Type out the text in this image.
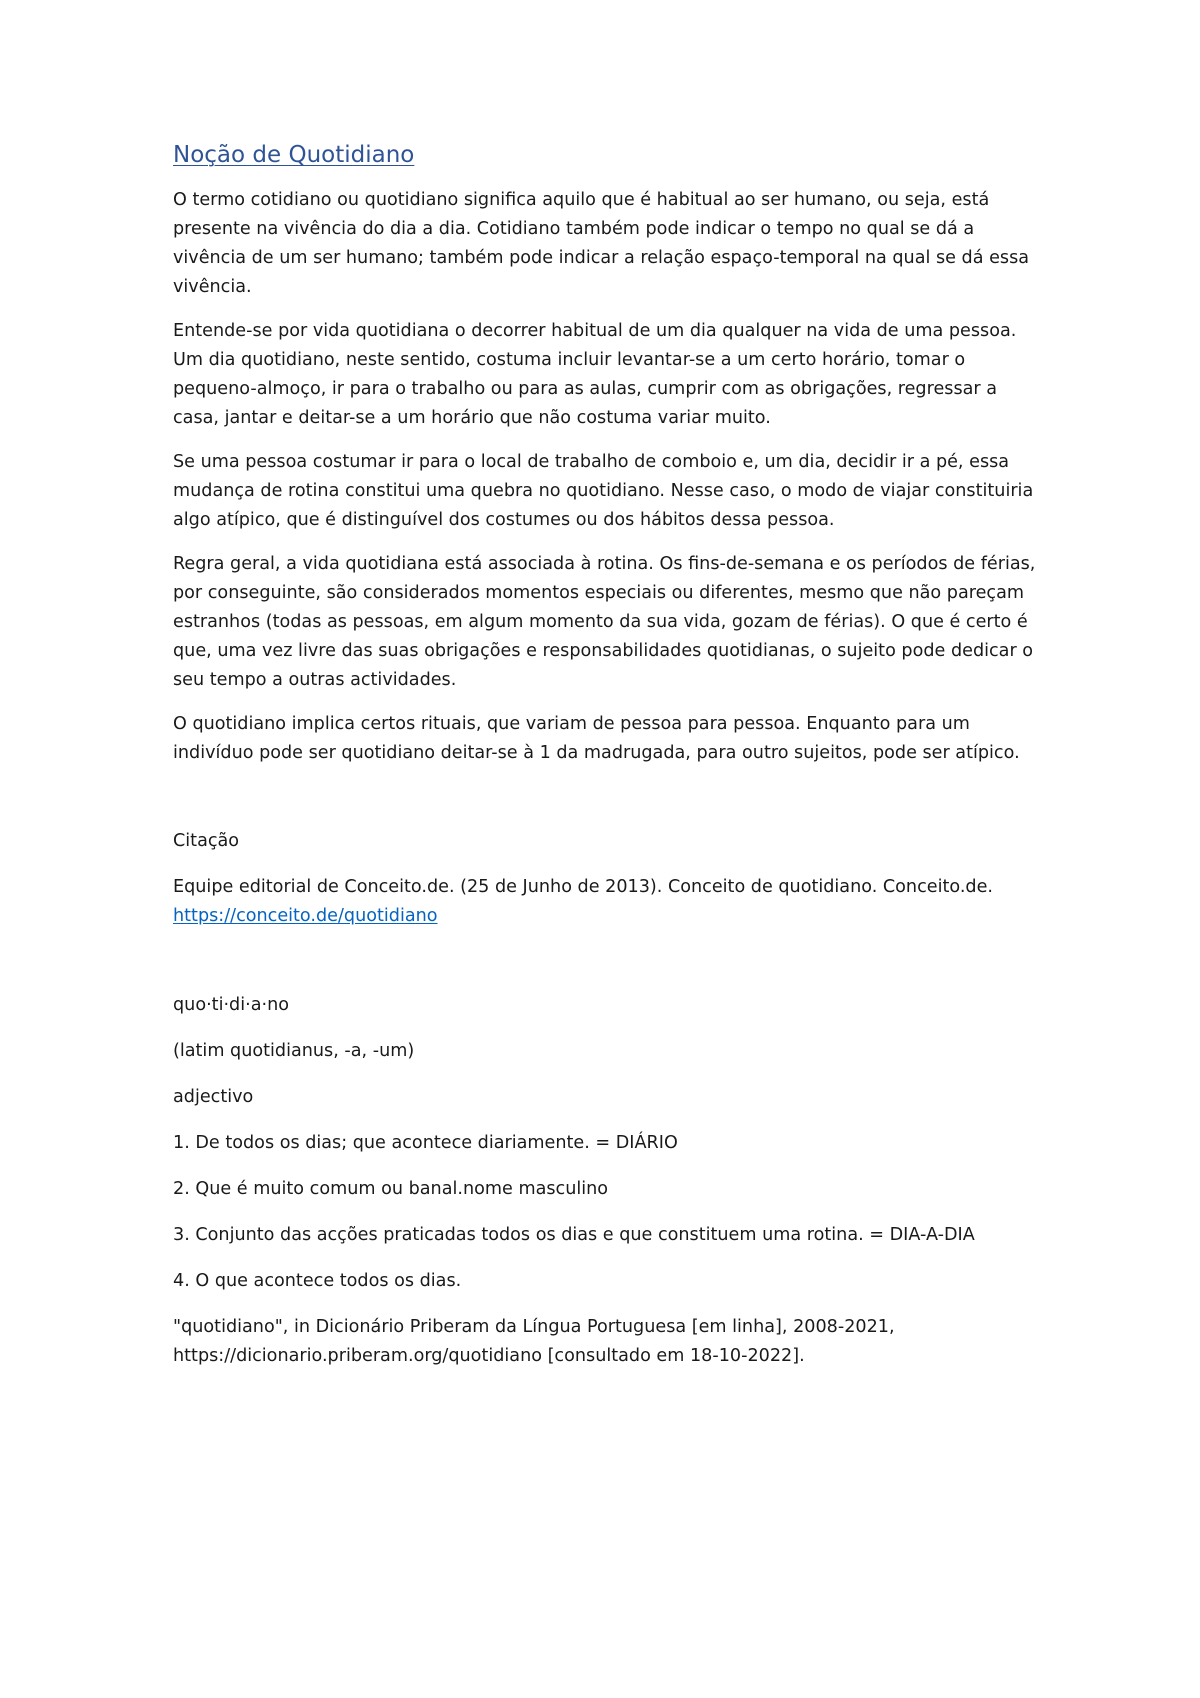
Noção de Quotidiano

O termo cotidiano ou quotidiano significa aquilo que é habitual ao ser humano, ou seja, está presente na vivência do dia a dia. Cotidiano também pode indicar o tempo no qual se dá a vivência de um ser humano; também pode indicar a relação espaço-temporal na qual se dá essa vivência.

Entende-se por vida quotidiana o decorrer habitual de um dia qualquer na vida de uma pessoa. Um dia quotidiano, neste sentido, costuma incluir levantar-se a um certo horário, tomar o pequeno-almoço, ir para o trabalho ou para as aulas, cumprir com as obrigações, regressar a casa, jantar e deitar-se a um horário que não costuma variar muito.

Se uma pessoa costumar ir para o local de trabalho de comboio e, um dia, decidir ir a pé, essa mudança de rotina constitui uma quebra no quotidiano. Nesse caso, o modo de viajar constituiria algo atípico, que é distinguível dos costumes ou dos hábitos dessa pessoa.

Regra geral, a vida quotidiana está associada à rotina. Os fins-de-semana e os períodos de férias, por conseguinte, são considerados momentos especiais ou diferentes, mesmo que não pareçam estranhos (todas as pessoas, em algum momento da sua vida, gozam de férias). O que é certo é que, uma vez livre das suas obrigações e responsabilidades quotidianas, o sujeito pode dedicar o seu tempo a outras actividades.

O quotidiano implica certos rituais, que variam de pessoa para pessoa. Enquanto para um indivíduo pode ser quotidiano deitar-se à 1 da madrugada, para outro sujeitos, pode ser atípico.

Citação

Equipe editorial de Conceito.de. (25 de Junho de 2013). Conceito de quotidiano. Conceito.de.
https://conceito.de/quotidiano

quo·ti·di·a·no

(latim quotidianus, -a, -um)

adjectivo

1. De todos os dias; que acontece diariamente. = DIÁRIO

2. Que é muito comum ou banal.nome masculino

3. Conjunto das acções praticadas todos os dias e que constituem uma rotina. = DIA-A-DIA

4. O que acontece todos os dias.

"quotidiano", in Dicionário Priberam da Língua Portuguesa [em linha], 2008-2021, https://dicionario.priberam.org/quotidiano [consultado em 18-10-2022].
